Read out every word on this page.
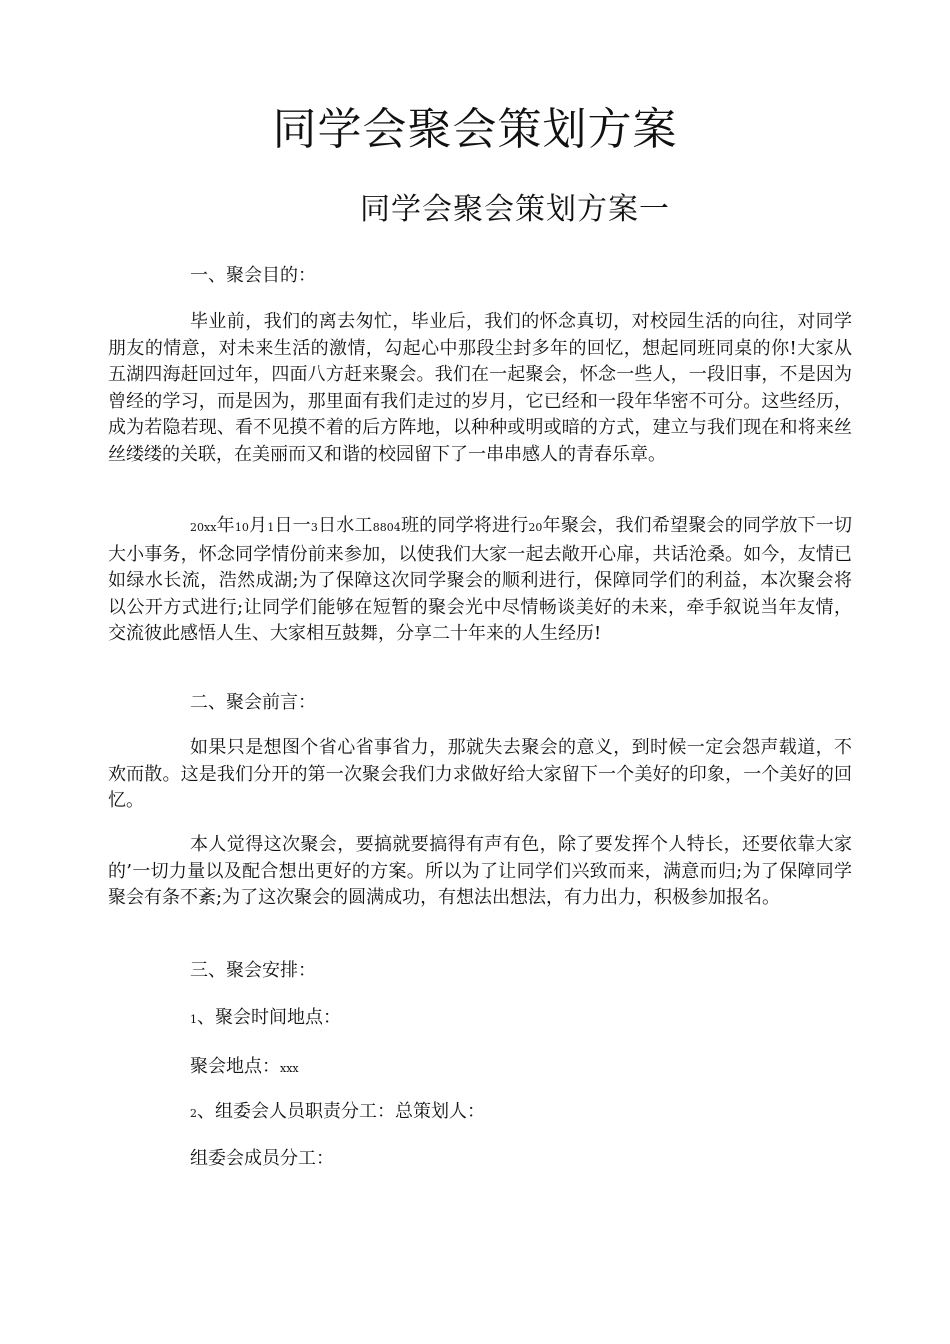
同学会聚会策划方案
同学会聚会策划方案一
一、聚会目的：

毕业前，我们的离去匆忙，毕业后，我们的怀念真切，对校园生活的向往，对同学朋友的情意，对未来生活的激情，勾起心中那段尘封多年的回忆，想起同班同桌的你!大家从五湖四海赶回过年，四面八方赶来聚会。我们在一起聚会，怀念一些人，一段旧事，不是因为曾经的学习，而是因为，那里面有我们走过的岁月，它已经和一段年华密不可分。这些经历，成为若隐若现、看不见摸不着的后方阵地，以种种或明或暗的方式，建立与我们现在和将来丝丝缕缕的关联，在美丽而又和谐的校园留下了一串串感人的青春乐章。

20xx年10月1日一3日水工8804班的同学将进行20年聚会，我们希望聚会的同学放下一切大小事务，怀念同学情份前来参加，以使我们大家一起去敞开心扉，共话沧桑。如今，友情已如绿水长流，浩然成湖;为了保障这次同学聚会的顺利进行，保障同学们的利益，本次聚会将以公开方式进行;让同学们能够在短暂的聚会光中尽情畅谈美好的未来，牵手叙说当年友情，交流彼此感悟人生、大家相互鼓舞，分享二十年来的人生经历!

二、聚会前言：

如果只是想图个省心省事省力，那就失去聚会的意义，到时候一定会怨声载道，不欢而散。这是我们分开的第一次聚会我们力求做好给大家留下一个美好的印象，一个美好的回忆。

本人觉得这次聚会，要搞就要搞得有声有色，除了要发挥个人特长，还要依靠大家的’一切力量以及配合想出更好的方案。所以为了让同学们兴致而来，满意而归;为了保障同学聚会有条不紊;为了这次聚会的圆满成功，有想法出想法，有力出力，积极参加报名。

三、聚会安排：
1、聚会时间地点：
聚会地点：xxx
2、组委会人员职责分工：总策划人：
组委会成员分工：
